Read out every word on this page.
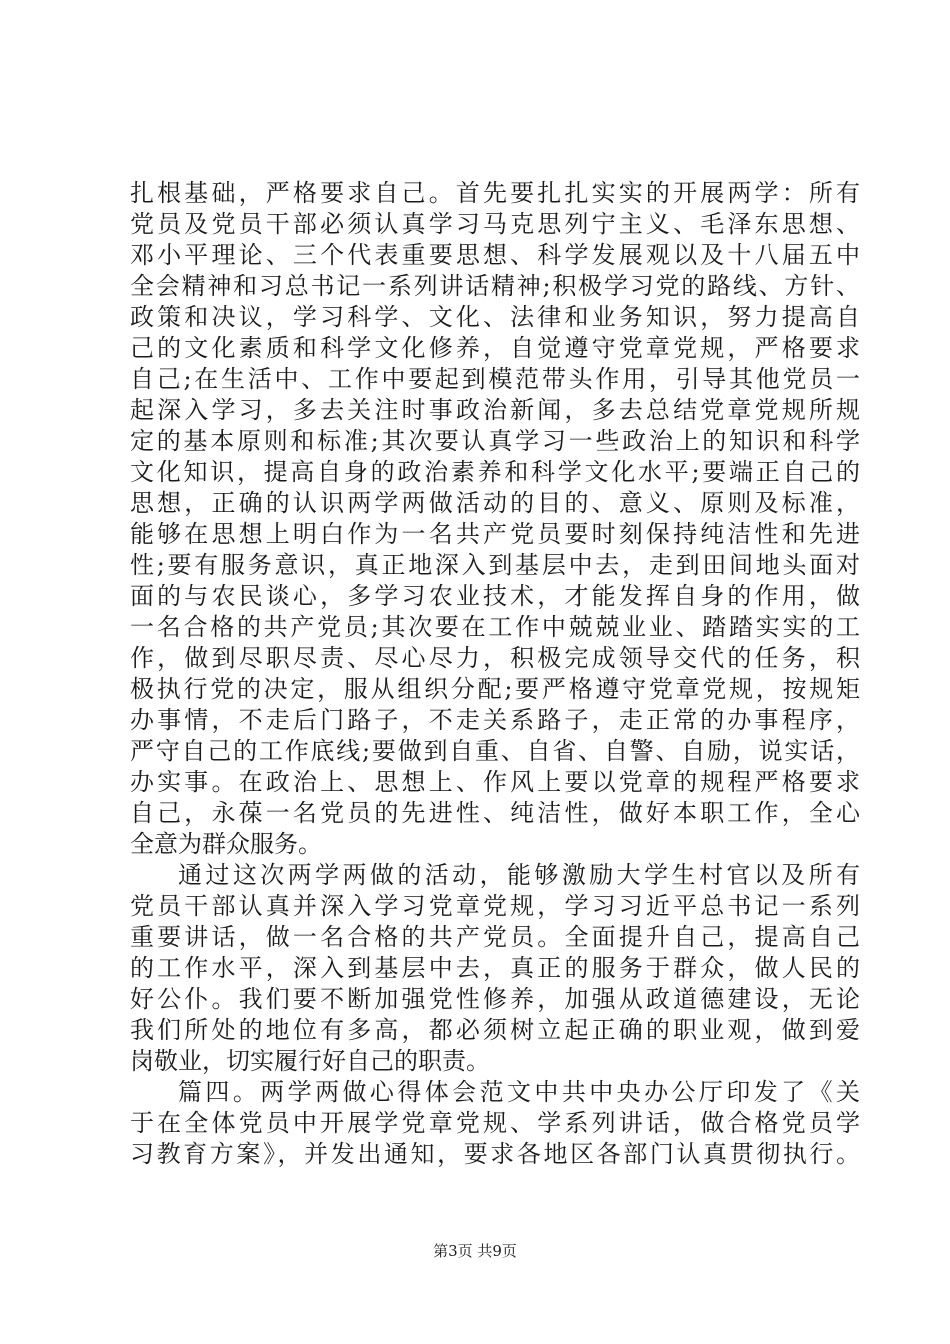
扎根基础，严格要求自己。首先要扎扎实实的开展两学：所有
党员及党员干部必须认真学习马克思列宁主义、毛泽东思想、
邓小平理论、三个代表重要思想、科学发展观以及十八届五中
全会精神和习总书记一系列讲话精神;积极学习党的路线、方针、
政策和决议，学习科学、文化、法律和业务知识，努力提高自
己的文化素质和科学文化修养，自觉遵守党章党规，严格要求
自己;在生活中、工作中要起到模范带头作用，引导其他党员一
起深入学习，多去关注时事政治新闻，多去总结党章党规所规
定的基本原则和标准;其次要认真学习一些政治上的知识和科学
文化知识，提高自身的政治素养和科学文化水平;要端正自己的
思想，正确的认识两学两做活动的目的、意义、原则及标准，
能够在思想上明白作为一名共产党员要时刻保持纯洁性和先进
性;要有服务意识，真正地深入到基层中去，走到田间地头面对
面的与农民谈心，多学习农业技术，才能发挥自身的作用，做
一名合格的共产党员;其次要在工作中兢兢业业、踏踏实实的工
作，做到尽职尽责、尽心尽力，积极完成领导交代的任务，积
极执行党的决定，服从组织分配;要严格遵守党章党规，按规矩
办事情，不走后门路子，不走关系路子，走正常的办事程序，
严守自己的工作底线;要做到自重、自省、自警、自励，说实话，
办实事。在政治上、思想上、作风上要以党章的规程严格要求
自己，永葆一名党员的先进性、纯洁性，做好本职工作，全心
全意为群众服务。
通过这次两学两做的活动，能够激励大学生村官以及所有
党员干部认真并深入学习党章党规，学习习近平总书记一系列
重要讲话，做一名合格的共产党员。全面提升自己，提高自己
的工作水平，深入到基层中去，真正的服务于群众，做人民的
好公仆。我们要不断加强党性修养，加强从政道德建设，无论
我们所处的地位有多高，都必须树立起正确的职业观，做到爱
岗敬业，切实履行好自己的职责。
篇四。两学两做心得体会范文中共中央办公厅印发了《关
于在全体党员中开展学党章党规、学系列讲话，做合格党员学
习教育方案》，并发出通知，要求各地区各部门认真贯彻执行。
第3页 共9页
